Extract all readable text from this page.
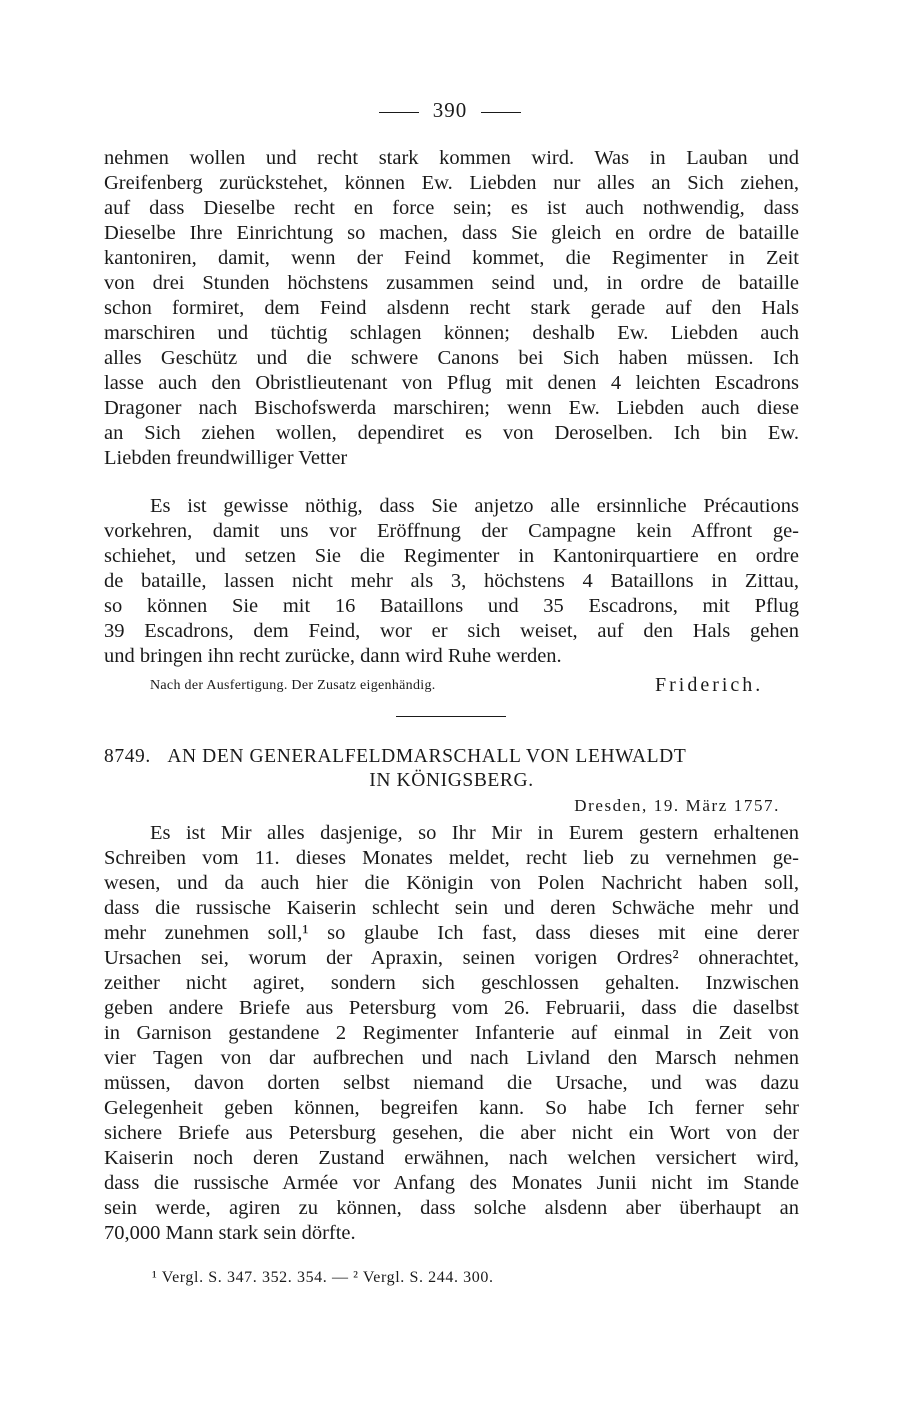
390
nehmen wollen und recht stark kommen wird. Was in Lauban und
Greifenberg zurückstehet, können Ew. Liebden nur alles an Sich ziehen,
auf dass Dieselbe recht en force sein; es ist auch nothwendig, dass
Dieselbe Ihre Einrichtung so machen, dass Sie gleich en ordre de bataille
kantoniren, damit, wenn der Feind kommet, die Regimenter in Zeit
von drei Stunden höchstens zusammen seind und, in ordre de bataille
schon formiret, dem Feind alsdenn recht stark gerade auf den Hals
marschiren und tüchtig schlagen können; deshalb Ew. Liebden auch
alles Geschütz und die schwere Canons bei Sich haben müssen. Ich
lasse auch den Obristlieutenant von Pflug mit denen 4 leichten Escadrons
Dragoner nach Bischofswerda marschiren; wenn Ew. Liebden auch diese
an Sich ziehen wollen, dependiret es von Deroselben. Ich bin Ew.
Liebden freundwilliger Vetter
Es ist gewisse nöthig, dass Sie anjetzo alle ersinnliche Précautions
vorkehren, damit uns vor Eröffnung der Campagne kein Affront ge-
schiehet, und setzen Sie die Regimenter in Kantonirquartiere en ordre
de bataille, lassen nicht mehr als 3, höchstens 4 Bataillons in Zittau,
so können Sie mit 16 Bataillons und 35 Escadrons, mit Pflug
39 Escadrons, dem Feind, wor er sich weiset, auf den Hals gehen
und bringen ihn recht zurücke, dann wird Ruhe werden.
Nach der Ausfertigung. Der Zusatz eigenhändig.	Friderich.
8749. AN DEN GENERALFELDMARSCHALL VON LEHWALDT
IN KÖNIGSBERG.
Dresden, 19. März 1757.
Es ist Mir alles dasjenige, so Ihr Mir in Eurem gestern erhaltenen
Schreiben vom 11. dieses Monates meldet, recht lieb zu vernehmen ge-
wesen, und da auch hier die Königin von Polen Nachricht haben soll,
dass die russische Kaiserin schlecht sein und deren Schwäche mehr und
mehr zunehmen soll,¹ so glaube Ich fast, dass dieses mit eine derer
Ursachen sei, worum der Apraxin, seinen vorigen Ordres² ohnerachtet,
zeither nicht agiret, sondern sich geschlossen gehalten. Inzwischen
geben andere Briefe aus Petersburg vom 26. Februarii, dass die daselbst
in Garnison gestandene 2 Regimenter Infanterie auf einmal in Zeit von
vier Tagen von dar aufbrechen und nach Livland den Marsch nehmen
müssen, davon dorten selbst niemand die Ursache, und was dazu
Gelegenheit geben können, begreifen kann. So habe Ich ferner sehr
sichere Briefe aus Petersburg gesehen, die aber nicht ein Wort von der
Kaiserin noch deren Zustand erwähnen, nach welchen versichert wird,
dass die russische Armée vor Anfang des Monates Junii nicht im Stande
sein werde, agiren zu können, dass solche alsdenn aber überhaupt an
70,000 Mann stark sein dörfte.
¹ Vergl. S. 347. 352. 354. — ² Vergl. S. 244. 300.
